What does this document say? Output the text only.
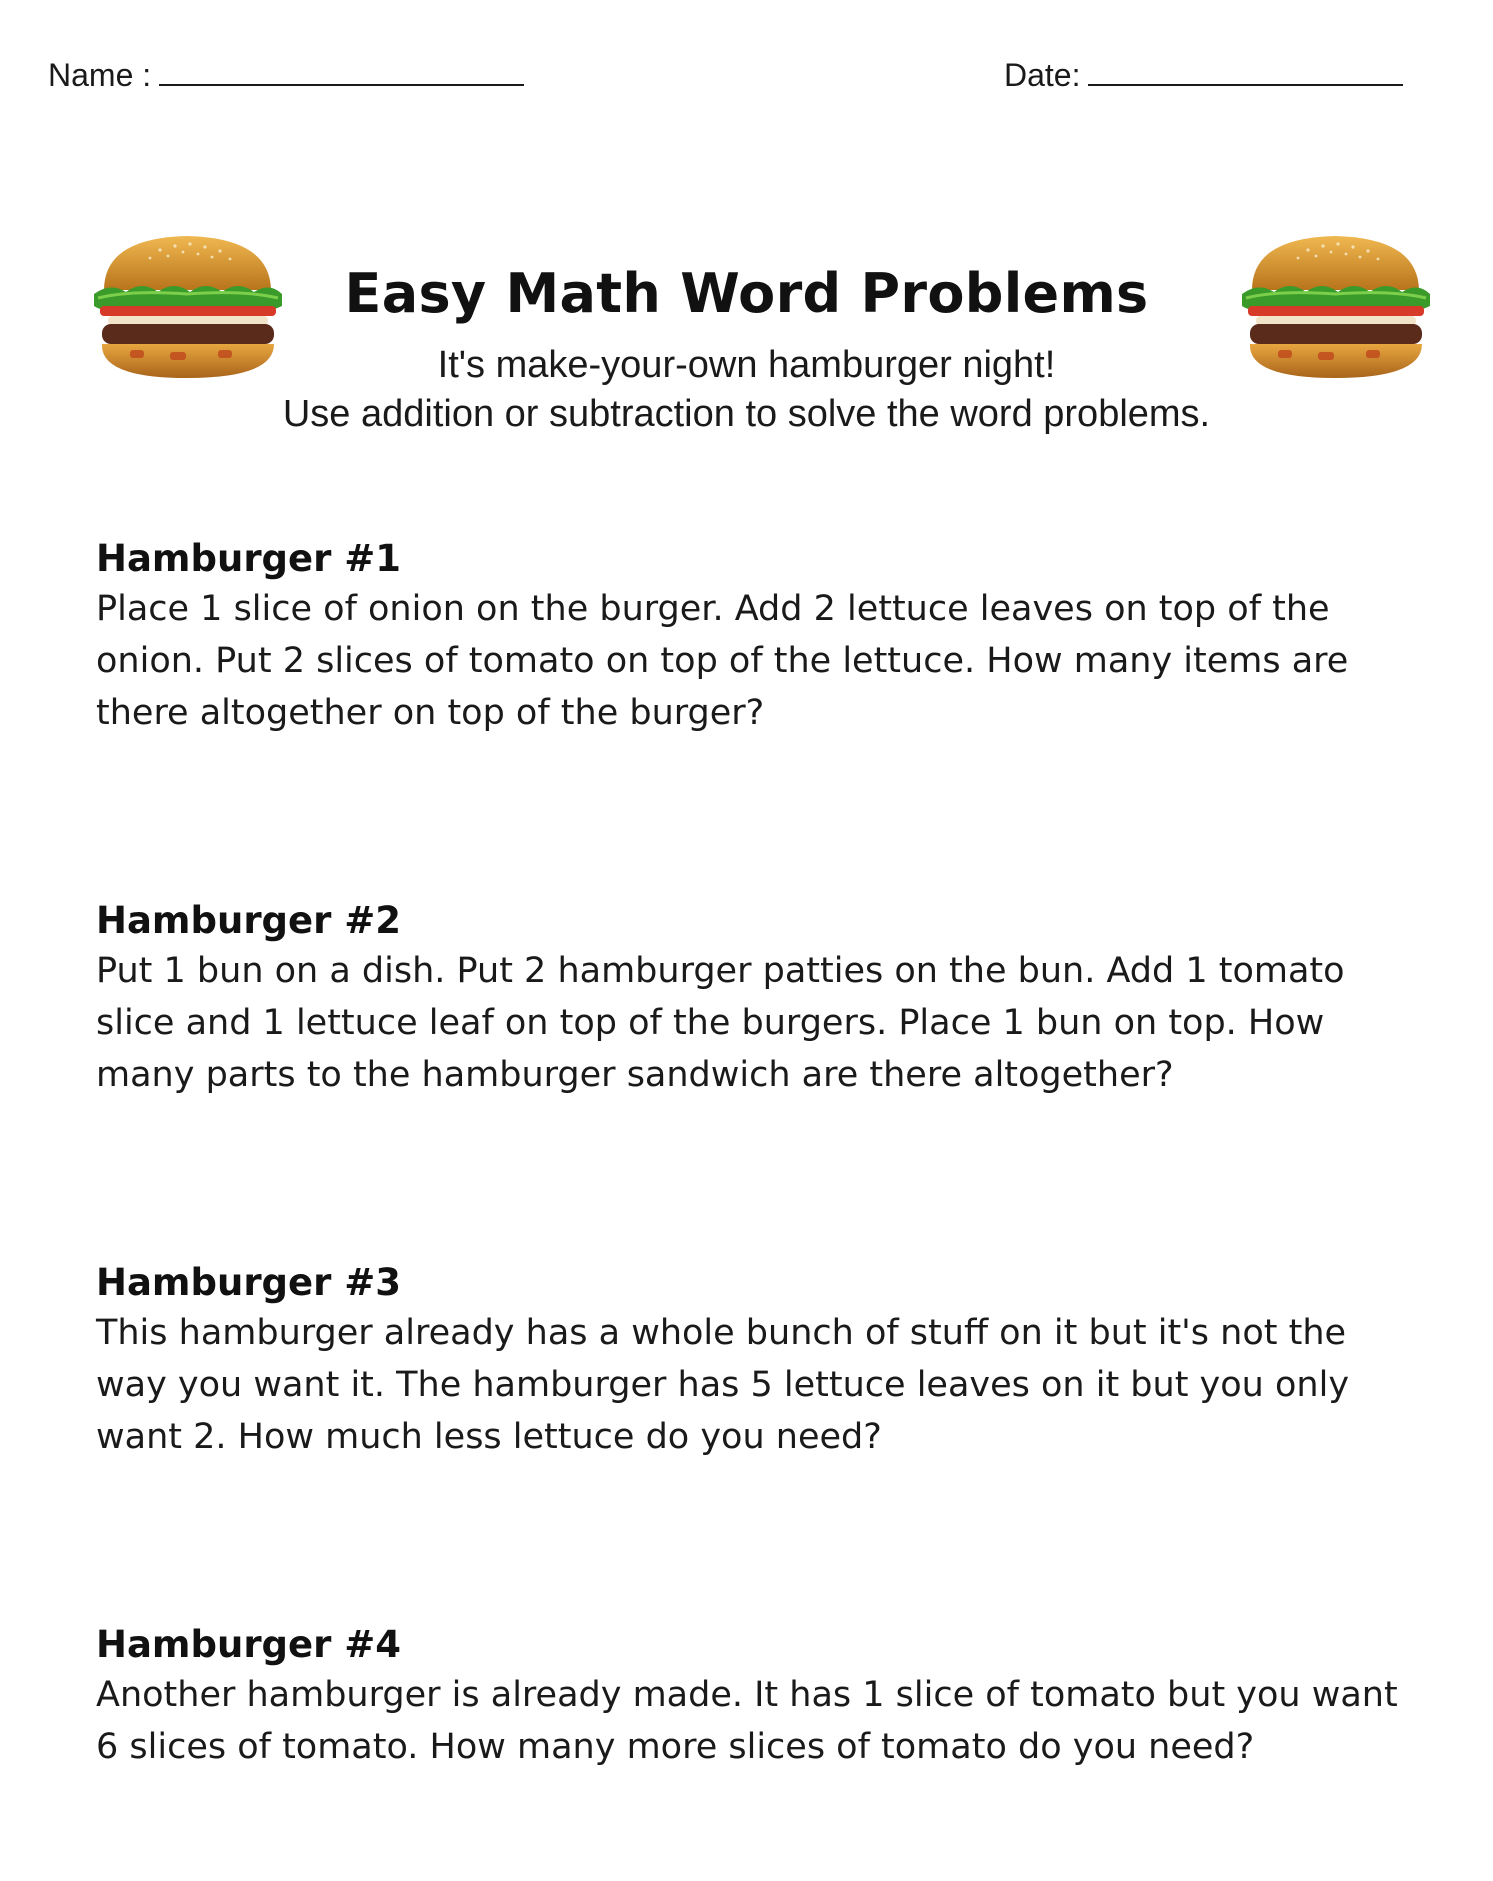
Name :	Date:
Easy Math Word Problems
It's make-your-own hamburger night!
Use addition or subtraction to solve the word problems.
Hamburger #1

Place 1 slice of onion on the burger. Add 2 lettuce leaves on top of the onion. Put 2 slices of tomato on top of the lettuce. How many items are there altogether on top of the burger?

Hamburger #2

Put 1 bun on a dish. Put 2 hamburger patties on the bun. Add 1 tomato slice and 1 lettuce leaf on top of the burgers. Place 1 bun on top. How many parts to the hamburger sandwich are there altogether?

Hamburger #3

This hamburger already has a whole bunch of stuff on it but it's not the way you want it. The hamburger has 5 lettuce leaves on it but you only want 2. How much less lettuce do you need?

Hamburger #4

Another hamburger is already made. It has 1 slice of tomato but you want 6 slices of tomato. How many more slices of tomato do you need?
